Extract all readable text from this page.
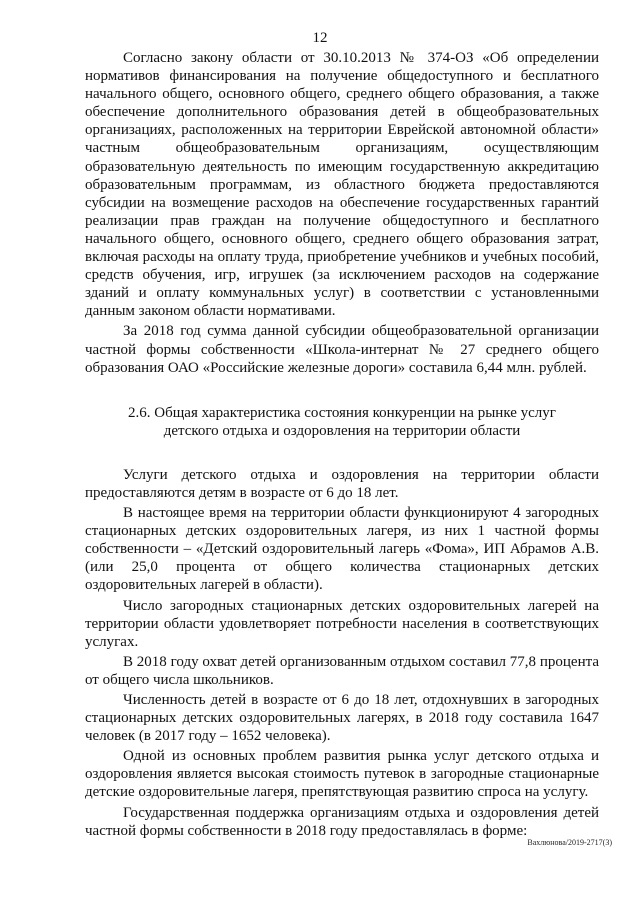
12

Согласно закону области от 30.10.2013 № 374-ОЗ «Об определении нормативов финансирования на получение общедоступного и бесплатного начального общего, основного общего, среднего общего образования, а также обеспечение дополнительного образования детей в общеобразовательных организациях, расположенных на территории Еврейской автономной области» частным общеобразовательным организациям, осуществляющим образовательную деятельность по имеющим государственную аккредитацию образовательным программам, из областного бюджета предоставляются субсидии на возмещение расходов на обеспечение государственных гарантий реализации прав граждан на получение общедоступного и бесплатного начального общего, основного общего, среднего общего образования затрат, включая расходы на оплату труда, приобретение учебников и учебных пособий, средств обучения, игр, игрушек (за исключением расходов на содержание зданий и оплату коммунальных услуг) в соответствии с установленными данным законом области нормативами.

За 2018 год сумма данной субсидии общеобразовательной организации частной формы собственности «Школа-интернат № 27 среднего общего образования ОАО «Российские железные дороги» составила 6,44 млн. рублей.

2.6. Общая характеристика состояния конкуренции на рынке услуг
детского отдыха и оздоровления на территории области

Услуги детского отдыха и оздоровления на территории области предоставляются детям в возрасте от 6 до 18 лет.

В настоящее время на территории области функционируют 4 загородных стационарных детских оздоровительных лагеря, из них 1 частной формы собственности – «Детский оздоровительный лагерь «Фома», ИП Абрамов А.В. (или 25,0 процента от общего количества стационарных детских оздоровительных лагерей в области).

Число загородных стационарных детских оздоровительных лагерей на территории области удовлетворяет потребности населения в соответствующих услугах.

В 2018 году охват детей организованным отдыхом составил 77,8 процента от общего числа школьников.

Численность детей в возрасте от 6 до 18 лет, отдохнувших в загородных стационарных детских оздоровительных лагерях, в 2018 году составила 1647 человек (в 2017 году – 1652 человека).

Одной из основных проблем развития рынка услуг детского отдыха и оздоровления является высокая стоимость путевок в загородные стационарные детские оздоровительные лагеря, препятствующая развитию спроса на услугу.

Государственная поддержка организациям отдыха и оздоровления детей частной формы собственности в 2018 году предоставлялась в форме:

Вахлюнова/2019-2717(3)
